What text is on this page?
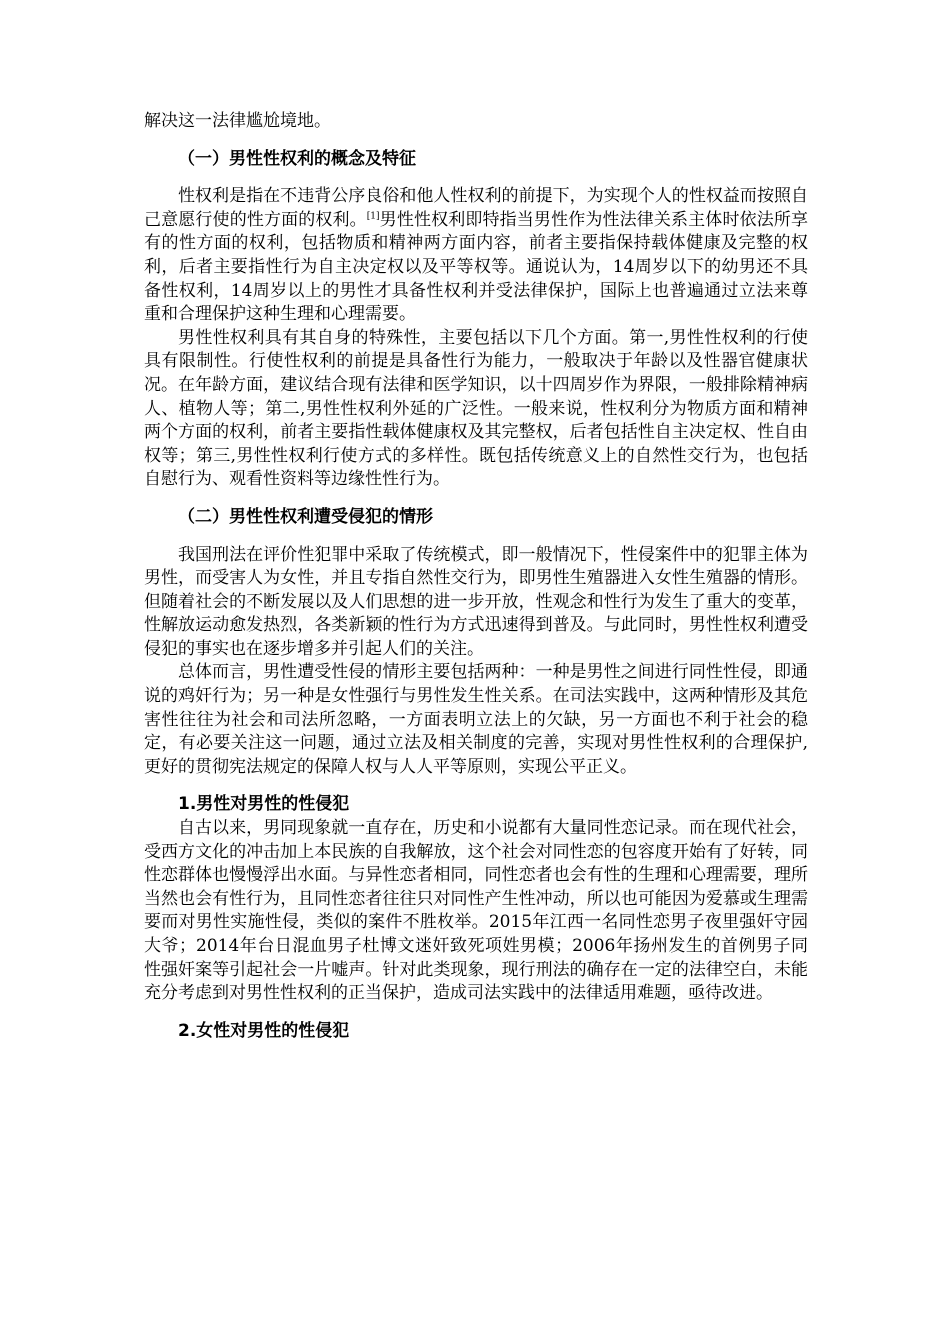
解决这一法律尴尬境地。

（一）男性性权利的概念及特征

性权利是指在不违背公序良俗和他人性权利的前提下，为实现个人的性权益而按照自己意愿行使的性方面的权利。[1]男性性权利即特指当男性作为性法律关系主体时依法所享有的性方面的权利，包括物质和精神两方面内容，前者主要指保持载体健康及完整的权利，后者主要指性行为自主决定权以及平等权等。通说认为，14周岁以下的幼男还不具备性权利，14周岁以上的男性才具备性权利并受法律保护，国际上也普遍通过立法来尊重和合理保护这种生理和心理需要。

男性性权利具有其自身的特殊性，主要包括以下几个方面。第一,男性性权利的行使具有限制性。行使性权利的前提是具备性行为能力，一般取决于年龄以及性器官健康状况。在年龄方面，建议结合现有法律和医学知识，以十四周岁作为界限，一般排除精神病人、植物人等；第二,男性性权利外延的广泛性。一般来说，性权利分为物质方面和精神两个方面的权利，前者主要指性载体健康权及其完整权，后者包括性自主决定权、性自由权等；第三,男性性权利行使方式的多样性。既包括传统意义上的自然性交行为，也包括自慰行为、观看性资料等边缘性性行为。

（二）男性性权利遭受侵犯的情形

我国刑法在评价性犯罪中采取了传统模式，即一般情况下，性侵案件中的犯罪主体为男性，而受害人为女性，并且专指自然性交行为，即男性生殖器进入女性生殖器的情形。但随着社会的不断发展以及人们思想的进一步开放，性观念和性行为发生了重大的变革，性解放运动愈发热烈，各类新颖的性行为方式迅速得到普及。与此同时，男性性权利遭受侵犯的事实也在逐步增多并引起人们的关注。

总体而言，男性遭受性侵的情形主要包括两种：一种是男性之间进行同性性侵，即通说的鸡奸行为；另一种是女性强行与男性发生性关系。在司法实践中，这两种情形及其危害性往往为社会和司法所忽略，一方面表明立法上的欠缺，另一方面也不利于社会的稳定，有必要关注这一问题，通过立法及相关制度的完善，实现对男性性权利的合理保护,更好的贯彻宪法规定的保障人权与人人平等原则，实现公平正义。

1.男性对男性的性侵犯

自古以来，男同现象就一直存在，历史和小说都有大量同性恋记录。而在现代社会，受西方文化的冲击加上本民族的自我解放，这个社会对同性恋的包容度开始有了好转，同性恋群体也慢慢浮出水面。与异性恋者相同，同性恋者也会有性的生理和心理需要，理所当然也会有性行为，且同性恋者往往只对同性产生性冲动，所以也可能因为爱慕或生理需要而对男性实施性侵，类似的案件不胜枚举。2015年江西一名同性恋男子夜里强奸守园大爷；2014年台日混血男子杜博文迷奸致死项姓男模；2006年扬州发生的首例男子同性强奸案等引起社会一片嘘声。针对此类现象，现行刑法的确存在一定的法律空白，未能充分考虑到对男性性权利的正当保护，造成司法实践中的法律适用难题，亟待改进。

2.女性对男性的性侵犯
